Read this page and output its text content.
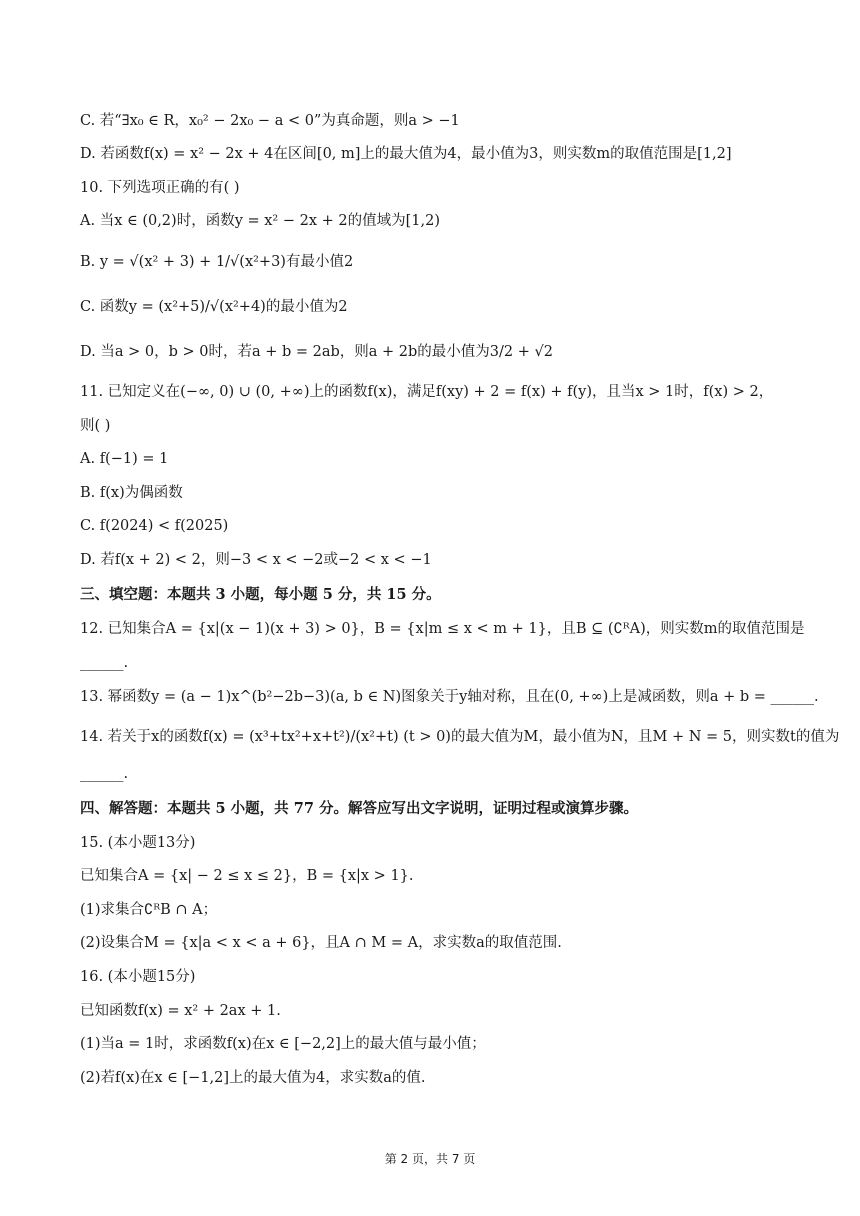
C. 若“∃x₀ ∈ R，x₀² − 2x₀ − a < 0”为真命题，则a > −1
D. 若函数f(x) = x² − 2x + 4在区间[0, m]上的最大值为4，最小值为3，则实数m的取值范围是[1,2]
10. 下列选项正确的有( )
A. 当x ∈ (0,2)时，函数y = x² − 2x + 2的值域为[1,2)
B. y = √(x² + 3) + 1/√(x²+3)有最小值2
C. 函数y = (x²+5)/√(x²+4)的最小值为2
D. 当a > 0，b > 0时，若a + b = 2ab，则a + 2b的最小值为3/2 + √2
11. 已知定义在(−∞, 0) ∪ (0, +∞)上的函数f(x)，满足f(xy) + 2 = f(x) + f(y)，且当x > 1时，f(x) > 2，
则( )
A. f(−1) = 1
B. f(x)为偶函数
C. f(2024) < f(2025)
D. 若f(x + 2) < 2，则−3 < x < −2或−2 < x < −1
三、填空题：本题共 3 小题，每小题 5 分，共 15 分。
12. 已知集合A = {x|(x − 1)(x + 3) > 0}，B = {x|m ≤ x < m + 1}，且B ⊆ (∁ᴿA)，则实数m的取值范围是
______.
13. 幂函数y = (a − 1)x^(b²−2b−3)(a, b ∈ N)图象关于y轴对称，且在(0, +∞)上是减函数，则a + b = ______.
14. 若关于x的函数f(x) = (x³+tx²+x+t²)/(x²+t) (t > 0)的最大值为M，最小值为N，且M + N = 5，则实数t的值为
______.
四、解答题：本题共 5 小题，共 77 分。解答应写出文字说明，证明过程或演算步骤。
15. (本小题13分)
已知集合A = {x| − 2 ≤ x ≤ 2}，B = {x|x > 1}.
(1)求集合∁ᴿB ∩ A；
(2)设集合M = {x|a < x < a + 6}，且A ∩ M = A，求实数a的取值范围.
16. (本小题15分)
已知函数f(x) = x² + 2ax + 1.
(1)当a = 1时，求函数f(x)在x ∈ [−2,2]上的最大值与最小值；
(2)若f(x)在x ∈ [−1,2]上的最大值为4，求实数a的值.
第 2 页，共 7 页
